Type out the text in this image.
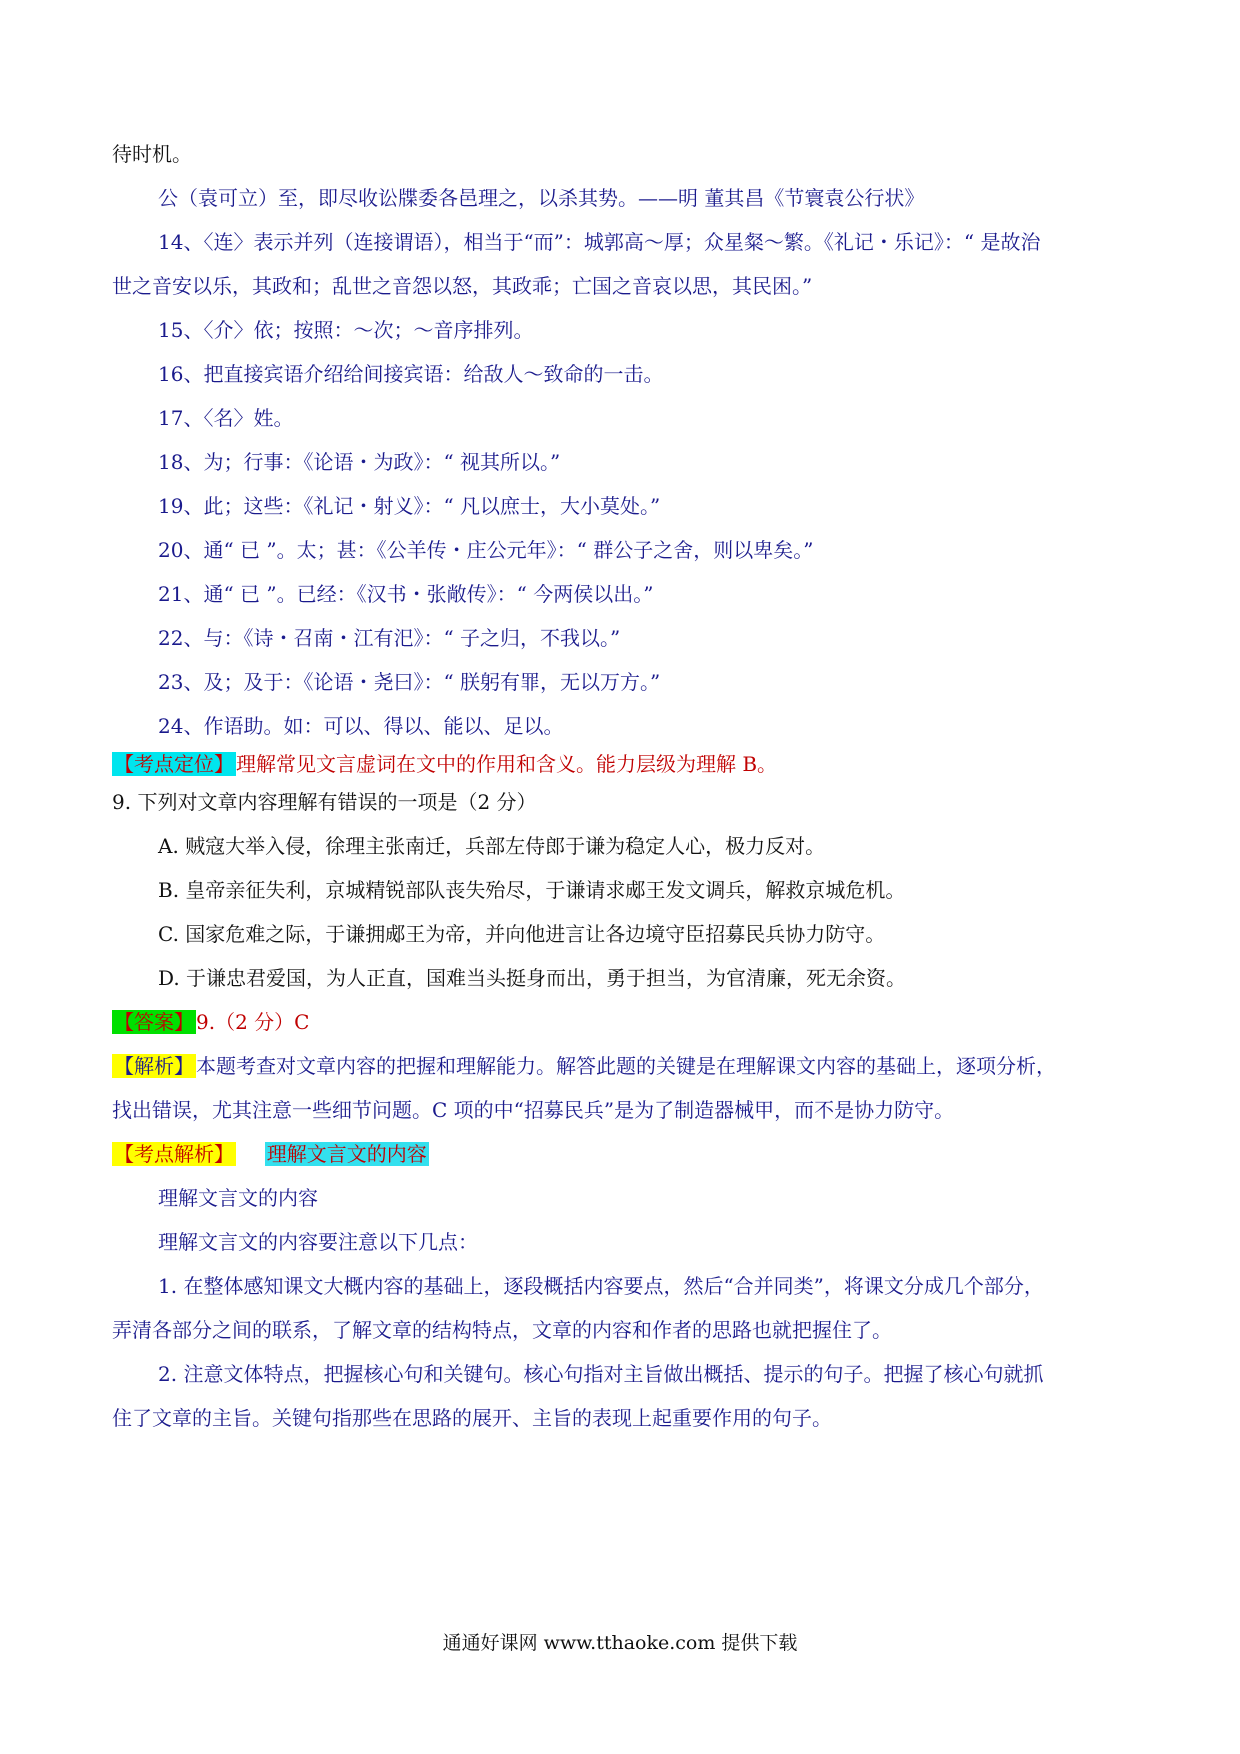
待时机。
公（袁可立）至，即尽收讼牒委各邑理之，以杀其势。——明 董其昌《节寰袁公行状》
14、〈连〉表示并列（连接谓语），相当于“而”：城郭高～厚；众星粲～繁。《礼记・乐记》：“ 是故治
世之音安以乐，其政和；乱世之音怨以怒，其政乖；亡国之音哀以思，其民困。”
15、〈介〉依；按照：～次；～音序排列。
16、把直接宾语介绍给间接宾语：给敌人～致命的一击。
17、〈名〉姓。
18、为；行事：《论语・为政》：“ 视其所以。”
19、此；这些：《礼记・射义》：“ 凡以庶士，大小莫处。”
20、通“ 已 ”。太；甚：《公羊传・庄公元年》：“ 群公子之舍，则以卑矣。”
21、通“ 已 ”。已经：《汉书・张敞传》：“ 今两侯以出。”
22、与：《诗・召南・江有汜》：“ 子之归，不我以。”
23、及；及于：《论语・尧曰》：“ 朕躬有罪，无以万方。”
24、作语助。如：可以、得以、能以、足以。
【考点定位】 理解常见文言虚词在文中的作用和含义。能力层级为理解 B。
9. 下列对文章内容理解有错误的一项是（2 分）
A. 贼寇大举入侵，徐理主张南迁，兵部左侍郎于谦为稳定人心，极力反对。
B. 皇帝亲征失利，京城精锐部队丧失殆尽，于谦请求郕王发文调兵，解救京城危机。
C. 国家危难之际，于谦拥郕王为帝，并向他进言让各边境守臣招募民兵协力防守。
D. 于谦忠君爱国，为人正直，国难当头挺身而出，勇于担当，为官清廉，死无余资。
【答案】 9.（2 分）C
【解析】 本题考查对文章内容的把握和理解能力。解答此题的关键是在理解课文内容的基础上，逐项分析，
找出错误，尤其注意一些细节问题。C 项的中“招募民兵”是为了制造器械甲，而不是协力防守。
【考点解析】 理解文言文的内容
理解文言文的内容
理解文言文的内容要注意以下几点：
1. 在整体感知课文大概内容的基础上，逐段概括内容要点，然后“合并同类”，将课文分成几个部分，
弄清各部分之间的联系，了解文章的结构特点，文章的内容和作者的思路也就把握住了。
2. 注意文体特点，把握核心句和关键句。核心句指对主旨做出概括、提示的句子。把握了核心句就抓
住了文章的主旨。关键句指那些在思路的展开、主旨的表现上起重要作用的句子。
通通好课网 www.tthaoke.com 提供下载
